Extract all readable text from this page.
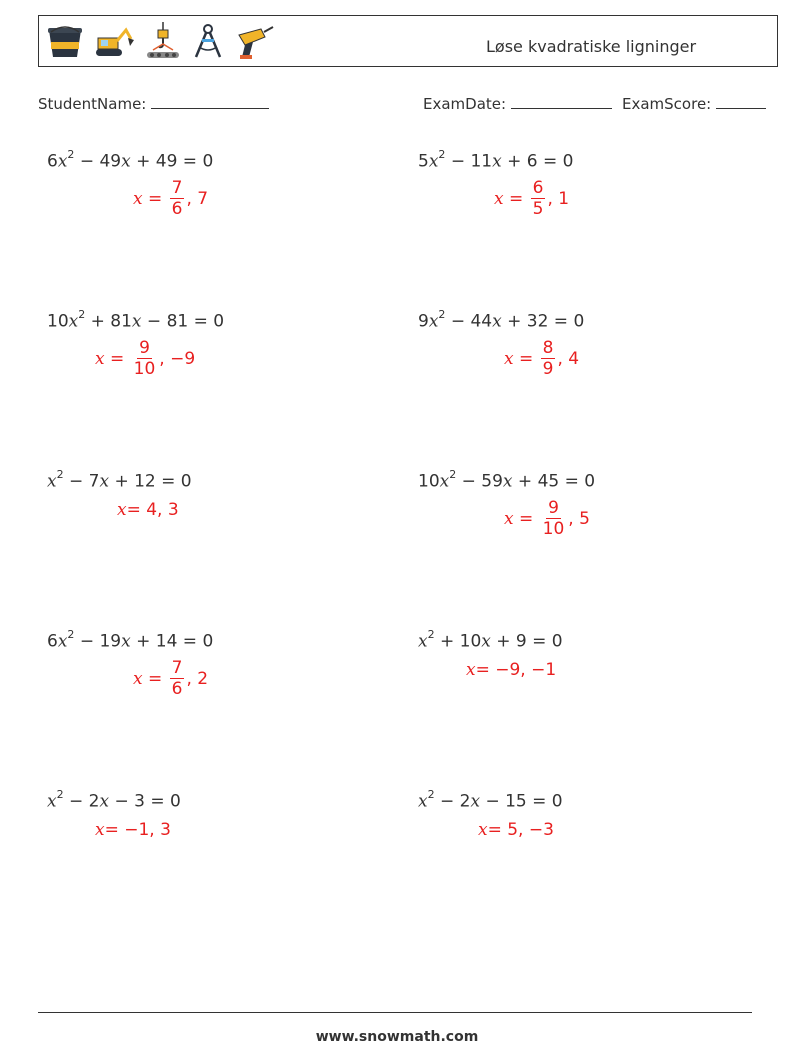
Løse kvadratiske ligninger
StudentName:	ExamDate:	ExamScore:
$6x^2 - 49x + 49 = 0$
$x = \frac{7}{6}$ , 7
$5x^2 - 11x + 6 = 0$
$x = \frac{6}{5}$ , 1
$10x^2 + 81x - 81 = 0$
$x = \frac{9}{10}$ , −9
$9x^2 - 44x + 32 = 0$
$x = \frac{8}{9}$ , 4
$x^2 - 7x + 12 = 0$
x = 4, 3
$10x^2 - 59x + 45 = 0$
$x = \frac{9}{10}$ , 5
$6x^2 - 19x + 14 = 0$
$x = \frac{7}{6}$ , 2
$x^2 + 10x + 9 = 0$
x = −9, −1
$x^2 - 2x - 3 = 0$
x = −1, 3
$x^2 - 2x - 15 = 0$
x = 5, −3
www.snowmath.com
